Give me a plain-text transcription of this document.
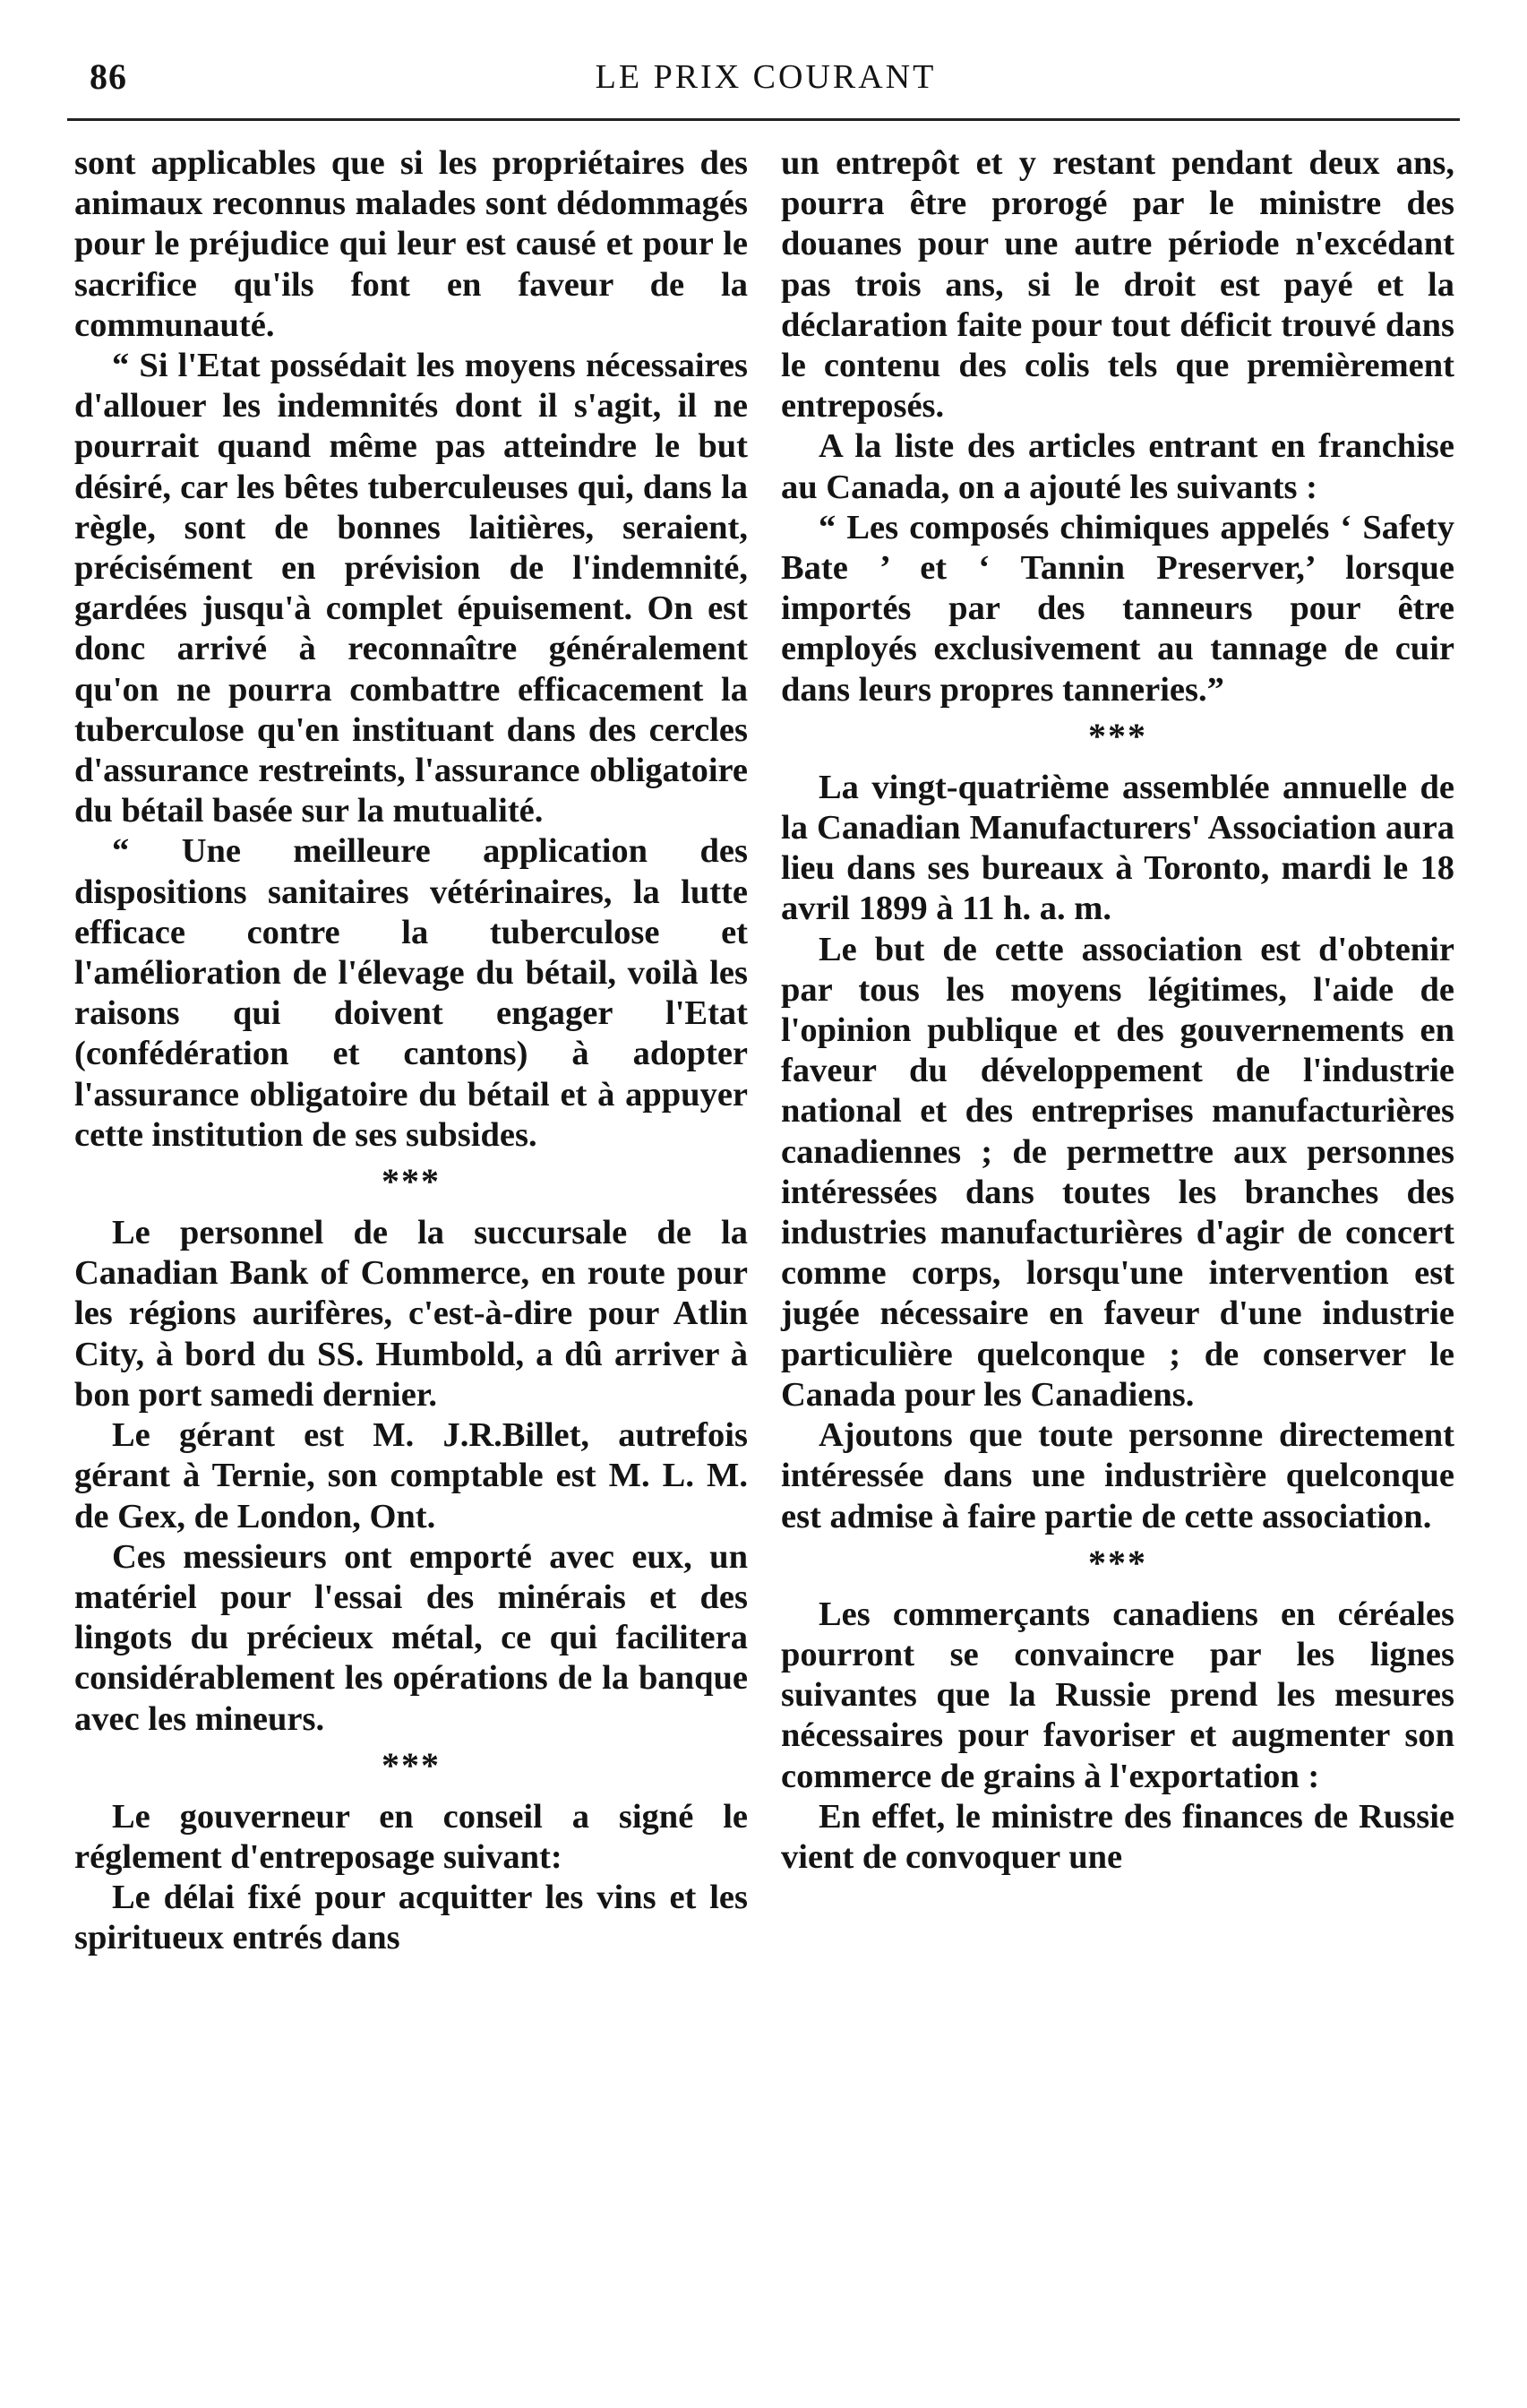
86	LE PRIX COURANT

sont applicables que si les propriétaires des animaux reconnus malades sont dédommagés pour le préjudice qui leur est causé et pour le sacrifice qu'ils font en faveur de la communauté.

“ Si l'Etat possédait les moyens nécessaires d'allouer les indemnités dont il s'agit, il ne pourrait quand même pas atteindre le but désiré, car les bêtes tuberculeuses qui, dans la règle, sont de bonnes laitières, seraient, précisément en prévision de l'indemnité, gardées jusqu'à complet épuisement. On est donc arrivé à reconnaître généralement qu'on ne pourra combattre efficacement la tuberculose qu'en instituant dans des cercles d'assurance restreints, l'assurance obligatoire du bétail basée sur la mutualité.

“ Une meilleure application des dispositions sanitaires vétérinaires, la lutte efficace contre la tuberculose et l'amélioration de l'élevage du bétail, voilà les raisons qui doivent engager l'Etat (confédération et cantons) à adopter l'assurance obligatoire du bétail et à appuyer cette institution de ses subsides.

***

Le personnel de la succursale de la Canadian Bank of Commerce, en route pour les régions aurifères, c'est-à-dire pour Atlin City, à bord du SS. Humbold, a dû arriver à bon port samedi dernier.

Le gérant est M. J.R.Billet, autrefois gérant à Ternie, son comptable est M. L. M. de Gex, de London, Ont.

Ces messieurs ont emporté avec eux, un matériel pour l'essai des minérais et des lingots du précieux métal, ce qui facilitera considérablement les opérations de la banque avec les mineurs.

***

Le gouverneur en conseil a signé le réglement d'entreposage suivant:

Le délai fixé pour acquitter les vins et les spiritueux entrés dans

un entrepôt et y restant pendant deux ans, pourra être prorogé par le ministre des douanes pour une autre période n'excédant pas trois ans, si le droit est payé et la déclaration faite pour tout déficit trouvé dans le contenu des colis tels que premièrement entreposés.

A la liste des articles entrant en franchise au Canada, on a ajouté les suivants :

“ Les composés chimiques appelés ‘ Safety Bate ’ et ‘ Tannin Preserver,’ lorsque importés par des tanneurs pour être employés exclusivement au tannage de cuir dans leurs propres tanneries.”

***

La vingt-quatrième assemblée annuelle de la Canadian Manufacturers' Association aura lieu dans ses bureaux à Toronto, mardi le 18 avril 1899 à 11 h. a. m.

Le but de cette association est d'obtenir par tous les moyens légitimes, l'aide de l'opinion publique et des gouvernements en faveur du développement de l'industrie national et des entreprises manufacturières canadiennes ; de permettre aux personnes intéressées dans toutes les branches des industries manufacturières d'agir de concert comme corps, lorsqu'une intervention est jugée nécessaire en faveur d'une industrie particulière quelconque ; de conserver le Canada pour les Canadiens.

Ajoutons que toute personne directement intéressée dans une industrière quelconque est admise à faire partie de cette association.

***

Les commerçants canadiens en céréales pourront se convaincre par les lignes suivantes que la Russie prend les mesures nécessaires pour favoriser et augmenter son commerce de grains à l'exportation :

En effet, le ministre des finances de Russie vient de convoquer une
